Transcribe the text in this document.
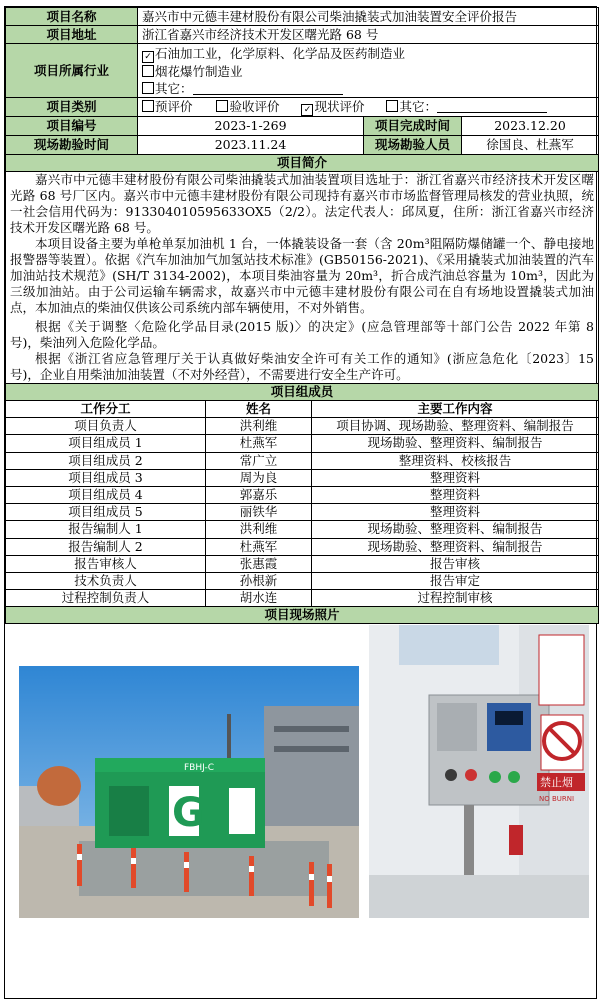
项目名称	嘉兴市中元德丰建材股份有限公司柴油撬装式加油装置安全评价报告		
项目地址	浙江省嘉兴市经济技术开发区曙光路 68 号		
项目所属行业	✓ 石油加工业，化学原料、化学品及医药制造业
烟花爆竹制造业
其它：		

项目类别	预评价 验收评价 ✓ 现状评价 其它：		
项目编号	2023-1-269	项目完成时间	2023.12.20
现场勘验时间	2023.11.24	现场勘验人员	徐国良、杜燕军
项目简介			

嘉兴市中元德丰建材股份有限公司柴油撬装式加油装置项目选址于：浙江省嘉兴市经济技术开发区曙光路 68 号厂区内。嘉兴市中元德丰建材股份有限公司现持有嘉兴市市场监督管理局核发的营业执照，统一社会信用代码为：913304010595633OX5（2/2）。法定代表人：邱凤夏，住所：浙江省嘉兴市经济技术开发区曙光路 68 号。

本项目设备主要为单枪单泵加油机 1 台，一体撬装设备一套（含 20m³阻隔防爆储罐一个、静电接地报警器等装置）。依据《汽车加油加气加氢站技术标准》(GB50156-2021)、《采用撬装式加油装置的汽车加油站技术规范》(SH/T 3134-2002)，本项目柴油容量为 20m³，折合成汽油总容量为 10m³，因此为三级加油站。由于公司运输车辆需求，故嘉兴市中元德丰建材股份有限公司在自有场地设置撬装式加油点，本加油点的柴油仅供该公司系统内部车辆使用，不对外销售。

根据《关于调整〈危险化学品目录(2015 版)〉的决定》(应急管理部等十部门公告 2022 年第 8 号)，柴油列入危险化学品。

根据《浙江省应急管理厅关于认真做好柴油安全许可有关工作的通知》(浙应急危化〔2023〕15 号)，企业自用柴油加油装置（不对外经营），不需要进行安全生产许可。			

项目组成员			
工作分工	姓名	主要工作内容
项目负责人	洪利维	项目协调、现场勘验、整理资料、编制报告
项目组成员 1	杜燕军	现场勘验、整理资料、编制报告
项目组成员 2	常广立	整理资料、校核报告
项目组成员 3	周为良	整理资料
项目组成员 4	郭嘉乐	整理资料
项目组成员 5	丽铁华	整理资料
报告编制人 1	洪利维	现场勘验、整理资料、编制报告
报告编制人 2	杜燕军	现场勘验、整理资料、编制报告
报告审核人	张惠霞	报告审核
技术负责人	孙根新	报告审定
过程控制负责人	胡水连	过程控制审核
项目现场照片		
FBHJ-C
G
禁止烟
NO BURNI
